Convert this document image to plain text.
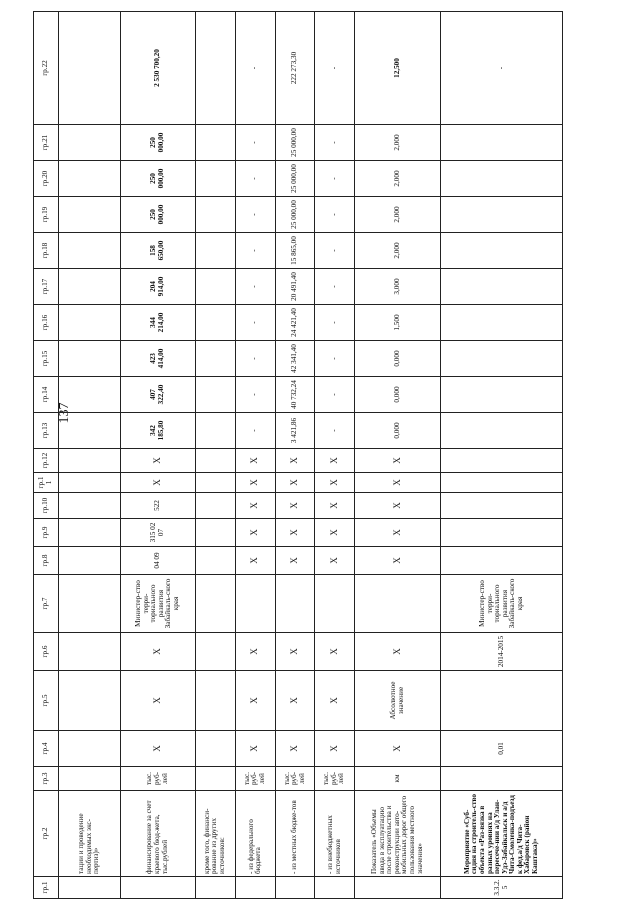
137
гр.1	гр.2	гр.3	гр.4	гр.5	гр.6	гр.7	гр.8	гр.9	гр.10	гр.11	гр.12	гр.13	гр.14	гр.15	гр.16	гр.17	гр.18	гр.19	гр.20	гр.21	гр.22
	тации и проведение необходимых экс-пертиз)»																				
	финансирование за счет краевого бюд-жета, тыс.рублей	тыс. руб-лей	Х	Х	Х	Министер-ство терри-ториального развития Забайкаль-ского края	04 09	315 02 07	522	Х	Х	342 185,80	407 322,40	423 414,00	344 214,00	204 914,00	158 650,00	250 000,00	250 000,00	250 000,00	2 530 700,20
	кроме того, финанси-рование из других источников:																				
	- из федерального бюджета	тыс. руб-лей	Х	Х	Х		Х	Х	Х	Х	Х	-	-	-	-	-	-	-	-	-	-
	- из местных бюдже-тов	тыс. руб-лей	Х	Х	Х		Х	Х	Х	Х	Х	3 421,86	40 732,24	42 341,40	24 421,40	20 491,40	15 865,00	25 000,00	25 000,00	25 000,00	222 273,30
	- из внебюджетных источников	тыс. руб-лей	Х	Х	Х		Х	Х	Х	Х	Х	-	-	-	-	-	-	-	-	-	-
	Показатель «Объемы ввода в эксплуатацию после строительства и реконструкции авто-мобильных дорог общего пользования местного значения»	км	Х	Абсолютное значение	Х		Х	Х	Х	Х	Х	0,000	0,000	0,000	1,500	3,000	2,000	2,000	2,000	2,000	12,500
3.3.2.5	Мероприятие «Суб-сидия на строитель-ство объекта «Раз-вязка в разных уровнях на пересече-нии а/д Улан-Удэ-Забайкальск и а/д Чита-Смоленка-подъезд к фед.а/д Чита-Хабаровск (район Каштака)»		0,01		2014-2015	Министер-ство терри-ториального развития Забайкаль-ского края															-
